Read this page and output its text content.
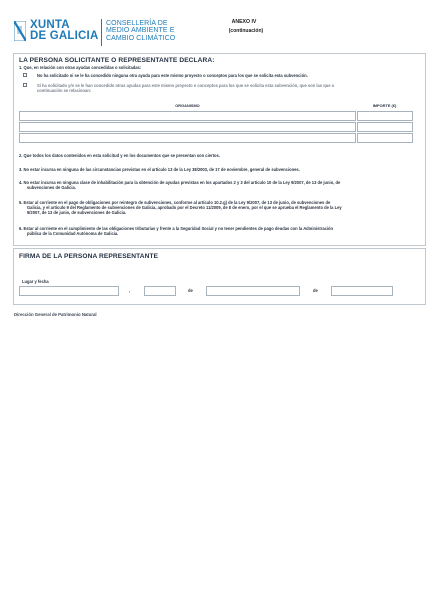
XUNTA
DE GALICIA
CONSELLERÍA DE
MEDIO AMBIENTE E
CAMBIO CLIMÁTICO
ANEXO IV
(continuación)
LA PERSONA SOLICITANTE O REPRESENTANTE DECLARA:
1. Que, en relación con otras ayudas concedidas o solicitadas:
No ha solicitado ni se le ha concedido ninguna otra ayuda para este mismo proyecto o conceptos para los que se solicita esta subvención.
Sí ha solicitado y/o se le han concedido otras ayudas para este mismo proyecto o conceptos para los que se solicita esta subvención, que son las que a
continuación se relacionan:
ORGANISMO	IMPORTE (€)
2. Que todos los datos contenidos en esta solicitud y en los documentos que se presentan son ciertos.
3. No estar incursa en ninguna de las circunstancias previstas en el artículo 13 de la Ley 38/2003, de 17 de noviembre, general de subvenciones.
4. No estar incursa en ninguna clase de inhabilitación para la obtención de ayudas previstas en los apartados 2 y 3 del artículo 10 de la Ley 9/2007, de 13 de junio, de
subvenciones de Galicia.
5. Estar al corriente en el pago de obligaciones por reintegro de subvenciones, conforme al artículo 10.2.g) de la Ley 9/2007, de 13 de junio, de subvenciones de
Galicia, y el artículo 9 del Reglamento de subvenciones de Galicia, aprobado por el Decreto 11/2009, de 8 de enero, por el que se aprueba el Reglamento de la Ley
9/2007, de 13 de junio, de subvenciones de Galicia.
6. Estar al corriente en el cumplimiento de las obligaciones tributarias y frente a la Seguridad Social y no tener pendientes de pago deudas con la Administración
pública de la Comunidad Autónoma de Galicia.
FIRMA DE LA PERSONA REPRESENTANTE
Lugar y fecha
,	de	de
Dirección General de Patrimonio Natural
